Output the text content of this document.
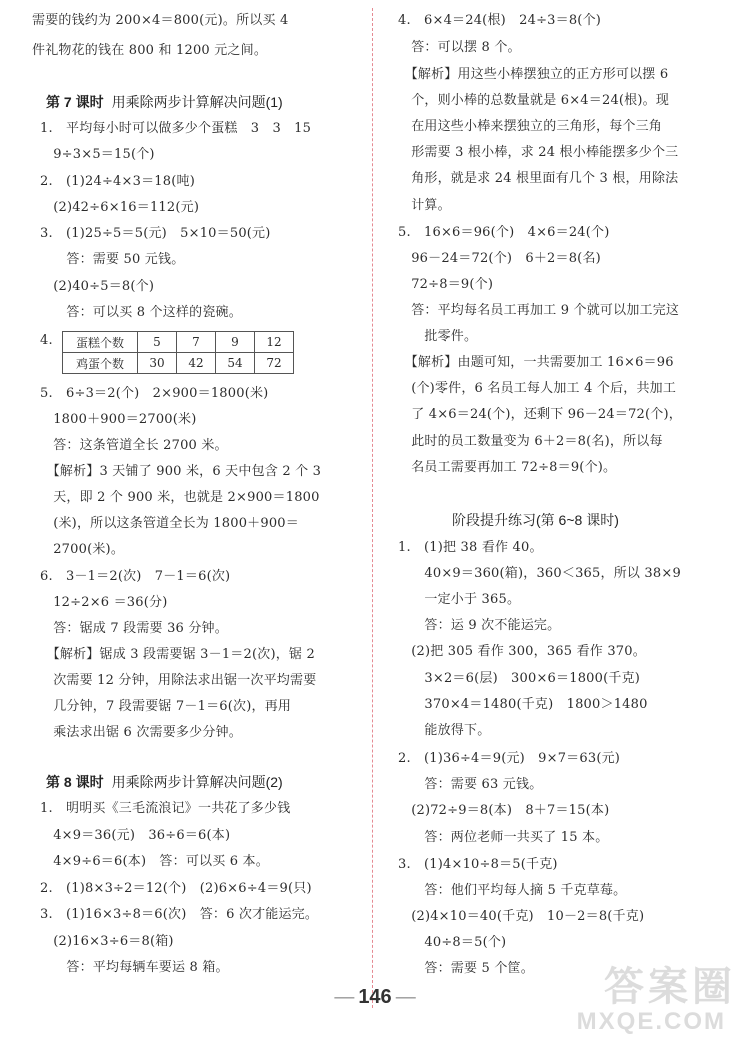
需要的钱约为 200×4＝800(元)。所以买 4
件礼物花的钱在 800 和 1200 元之间。
第 7 课时 用乘除两步计算解决问题(1)
1.　平均每小时可以做多少个蛋糕　3　3　15
　9÷3×5＝15(个)
2.　(1)24÷4×3＝18(吨)
　(2)42÷6×16＝112(元)
3.　(1)25÷5＝5(元)　5×10＝50(元)
　　答：需要 50 元钱。
　(2)40÷5＝8(个)
　　答：可以买 8 个这样的瓷碗。
4. 蛋糕个数	5	7	9	12
鸡蛋个数	30	42	54	72
5.　6÷3＝2(个)　2×900＝1800(米)
　1800＋900＝2700(米)
　答：这条管道全长 2700 米。
　【解析】3 天铺了 900 米，6 天中包含 2 个 3
　天，即 2 个 900 米，也就是 2×900＝1800
　(米)，所以这条管道全长为 1800＋900＝
　2700(米)。
6.　3－1＝2(次)　7－1＝6(次)
　12÷2×6 ＝36(分)
　答：锯成 7 段需要 36 分钟。
　【解析】锯成 3 段需要锯 3－1＝2(次)，锯 2
　次需要 12 分钟，用除法求出锯一次平均需要
　几分钟，7 段需要锯 7－1＝6(次)，再用
　乘法求出锯 6 次需要多少分钟。
第 8 课时 用乘除两步计算解决问题(2)
1.　明明买《三毛流浪记》一共花了多少钱
　4×9＝36(元)　36÷6＝6(本)
　4×9÷6＝6(本)　答：可以买 6 本。
2.　(1)8×3÷2＝12(个)　(2)6×6÷4＝9(只)
3.　(1)16×3÷8＝6(次)　答：6 次才能运完。
　(2)16×3÷6＝8(箱)
　　答：平均每辆车要运 8 箱。
4.　6×4＝24(根)　24÷3＝8(个)
　答：可以摆 8 个。
　【解析】用这些小棒摆独立的正方形可以摆 6
　个，则小棒的总数量就是 6×4＝24(根)。现
　在用这些小棒来摆独立的三角形，每个三角
　形需要 3 根小棒，求 24 根小棒能摆多少个三
　角形，就是求 24 根里面有几个 3 根，用除法
　计算。
5.　16×6＝96(个)　4×6＝24(个)
　96－24＝72(个)　6＋2＝8(名)
　72÷8＝9(个)
　答：平均每名员工再加工 9 个就可以加工完这
　　批零件。
　【解析】由题可知，一共需要加工 16×6＝96
　(个)零件，6 名员工每人加工 4 个后，共加工
　了 4×6＝24(个)，还剩下 96－24＝72(个)，
　此时的员工数量变为 6＋2＝8(名)，所以每
　名员工需要再加工 72÷8＝9(个)。
阶段提升练习(第 6~8 课时)
1.　(1)把 38 看作 40。
　　40×9＝360(箱)，360＜365，所以 38×9
　　一定小于 365。
　　答：运 9 次不能运完。
　(2)把 305 看作 300，365 看作 370。
　　3×2＝6(层)　300×6＝1800(千克)
　　370×4＝1480(千克)　1800＞1480
　　能放得下。
2.　(1)36÷4＝9(元)　9×7＝63(元)
　　答：需要 63 元钱。
　(2)72÷9＝8(本)　8＋7＝15(本)
　　答：两位老师一共买了 15 本。
3.　(1)4×10÷8＝5(千克)
　　答：他们平均每人摘 5 千克草莓。
　(2)4×10＝40(千克)　10－2＝8(千克)
　　40÷8＝5(个)
　　答：需要 5 个筐。
— 146 —	答案圈
MXQE.COM
